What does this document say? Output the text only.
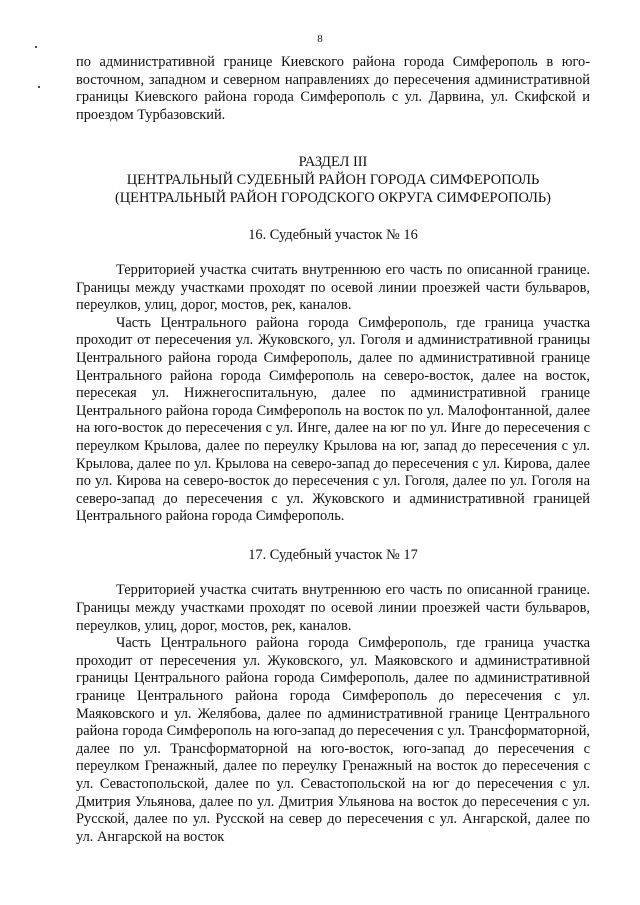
8

по административной границе Киевского района города Симферополь в юго-восточном, западном и северном направлениях до пересечения административной границы Киевского района города Симферополь с ул. Дарвина, ул. Скифской и проездом Турбазовский.

РАЗДЕЛ III
ЦЕНТРАЛЬНЫЙ СУДЕБНЫЙ РАЙОН ГОРОДА СИМФЕРОПОЛЬ
(ЦЕНТРАЛЬНЫЙ РАЙОН ГОРОДСКОГО ОКРУГА СИМФЕРОПОЛЬ)
16. Судебный участок № 16

Территорией участка считать внутреннюю его часть по описанной границе. Границы между участками проходят по осевой линии проезжей части бульваров, переулков, улиц, дорог, мостов, рек, каналов.

Часть Центрального района города Симферополь, где граница участка проходит от пересечения ул. Жуковского, ул. Гоголя и административной границы Центрального района города Симферополь, далее по административной границе Центрального района города Симферополь на северо-восток, далее на восток, пересекая ул. Нижнегоспитальную, далее по административной границе Центрального района города Симферополь на восток по ул. Малофонтанной, далее на юго-восток до пересечения с ул. Инге, далее на юг по ул. Инге до пересечения с переулком Крылова, далее по переулку Крылова на юг, запад до пересечения с ул. Крылова, далее по ул. Крылова на северо-запад до пересечения с ул. Кирова, далее по ул. Кирова на северо-восток до пересечения с ул. Гоголя, далее по ул. Гоголя на северо-запад до пересечения с ул. Жуковского и административной границей Центрального района города Симферополь.

17. Судебный участок № 17

Территорией участка считать внутреннюю его часть по описанной границе. Границы между участками проходят по осевой линии проезжей части бульваров, переулков, улиц, дорог, мостов, рек, каналов.

Часть Центрального района города Симферополь, где граница участка проходит от пересечения ул. Жуковского, ул. Маяковского и административной границы Центрального района города Симферополь, далее по административной границе Центрального района города Симферополь до пересечения с ул. Маяковского и ул. Желябова, далее по административной границе Центрального района города Симферополь на юго-запад до пересечения с ул. Трансформаторной, далее по ул. Трансформаторной на юго-восток, юго-запад до пересечения с переулком Гренажный, далее по переулку Гренажный на восток до пересечения с ул. Севастопольской, далее по ул. Севастопольской на юг до пересечения с ул. Дмитрия Ульянова, далее по ул. Дмитрия Ульянова на восток до пересечения с ул. Русской, далее по ул. Русской на север до пересечения с ул. Ангарской, далее по ул. Ангарской на восток
